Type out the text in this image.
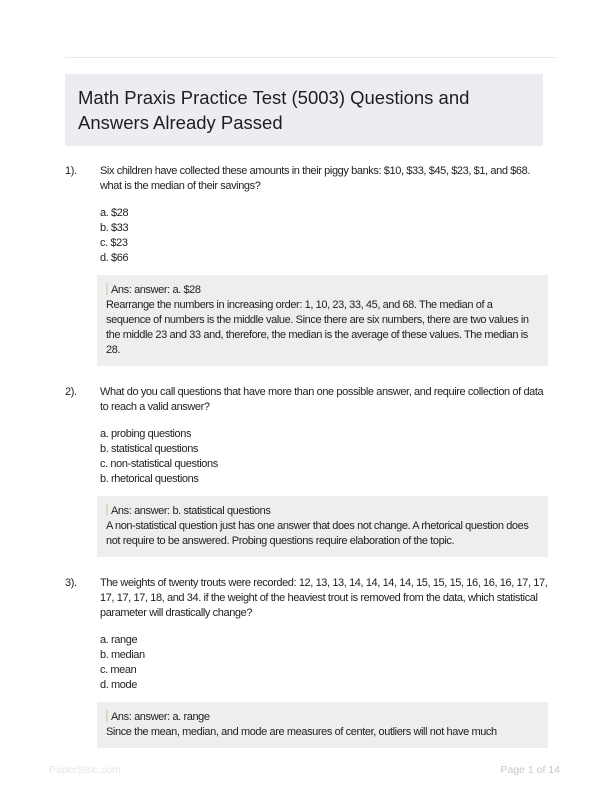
Math Praxis Practice Test (5003) Questions and Answers Already Passed
1).	Six children have collected these amounts in their piggy banks: $10, $33, $45, $23, $1, and $68. what is the median of their savings?
a. $28
b. $33
c. $23
d. $66
Ans: answer: a. $28
Rearrange the numbers in increasing order: 1, 10, 23, 33, 45, and 68. The median of a sequence of numbers is the middle value. Since there are six numbers, there are two values in the middle 23 and 33 and, therefore, the median is the average of these values. The median is 28.
2).	What do you call questions that have more than one possible answer, and require collection of data to reach a valid answer?
a. probing questions
b. statistical questions
c. non-statistical questions
b. rhetorical questions
Ans: answer: b. statistical questions
A non-statistical question just has one answer that does not change. A rhetorical question does not require to be answered. Probing questions require elaboration of the topic.
3).	The weights of twenty trouts were recorded: 12, 13, 13, 14, 14, 14, 14, 15, 15, 15, 16, 16, 16, 17, 17, 17, 17, 17, 18, and 34. if the weight of the heaviest trout is removed from the data, which statistical parameter will drastically change?
a. range
b. median
c. mean
d. mode
Ans: answer: a. range
Since the mean, median, and mode are measures of center, outliers will not have much
PaperStoc.com	Page 1 of 14
